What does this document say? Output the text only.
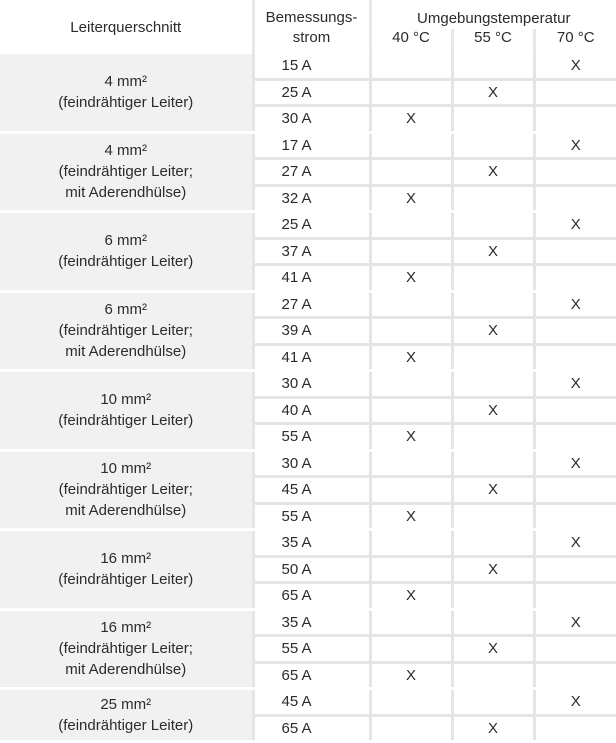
Leiterquerschnitt	Bemessungs-
strom	Umgebungstemperatur		
		40 °C	55 °C	70 °C

4 mm²
(feindrähtiger Leiter)	15 A			X
	25 A		X	
	30 A	X		

4 mm²
(feindrähtiger Leiter;
mit Aderendhülse)	17 A			X
	27 A		X	
	32 A	X		

6 mm²
(feindrähtiger Leiter)	25 A			X
	37 A		X	
	41 A	X		

6 mm²
(feindrähtiger Leiter;
mit Aderendhülse)	27 A			X
	39 A		X	
	41 A	X		

10 mm²
(feindrähtiger Leiter)	30 A			X
	40 A		X	
	55 A	X		

10 mm²
(feindrähtiger Leiter;
mit Aderendhülse)	30 A			X
	45 A		X	
	55 A	X		

16 mm²
(feindrähtiger Leiter)	35 A			X
	50 A		X	
	65 A	X		

16 mm²
(feindrähtiger Leiter;
mit Aderendhülse)	35 A			X
	55 A		X	
	65 A	X		

25 mm²
(feindrähtiger Leiter)	45 A			X
	65 A		X	
